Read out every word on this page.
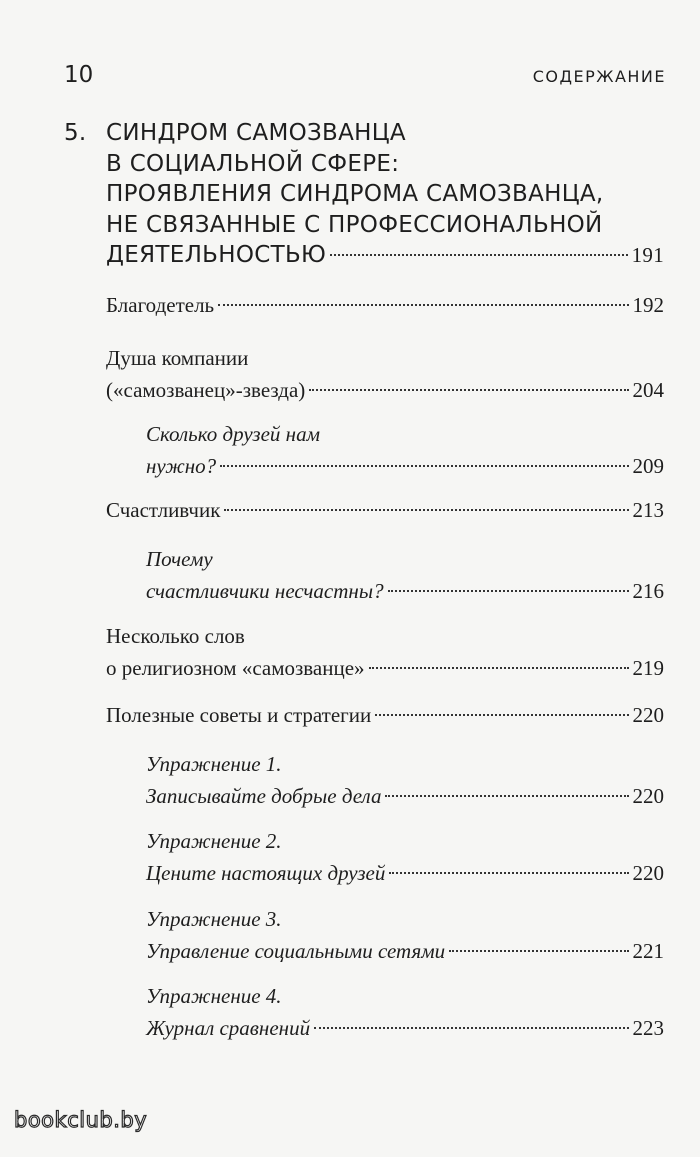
10	СОДЕРЖАНИЕ
5. СИНДРОМ САМОЗВАНЦА
В СОЦИАЛЬНОЙ СФЕРЕ:
ПРОЯВЛЕНИЯ СИНДРОМА САМОЗВАНЦА,
НЕ СВЯЗАННЫЕ С ПРОФЕССИОНАЛЬНОЙ
ДЕЯТЕЛЬНОСТЬЮ	191
Благодетель	192
Душа компании
(«самозванец»-звезда)	204
Сколько друзей нам
нужно?	209
Счастливчик	213
Почему
счастливчики несчастны?	216
Несколько слов
о религиозном «самозванце»	219
Полезные советы и стратегии	220
Упражнение 1.
Записывайте добрые дела	220
Упражнение 2.
Цените настоящих друзей	220
Упражнение 3.
Управление социальными сетями	221
Упражнение 4.
Журнал сравнений	223
bookclub.by
